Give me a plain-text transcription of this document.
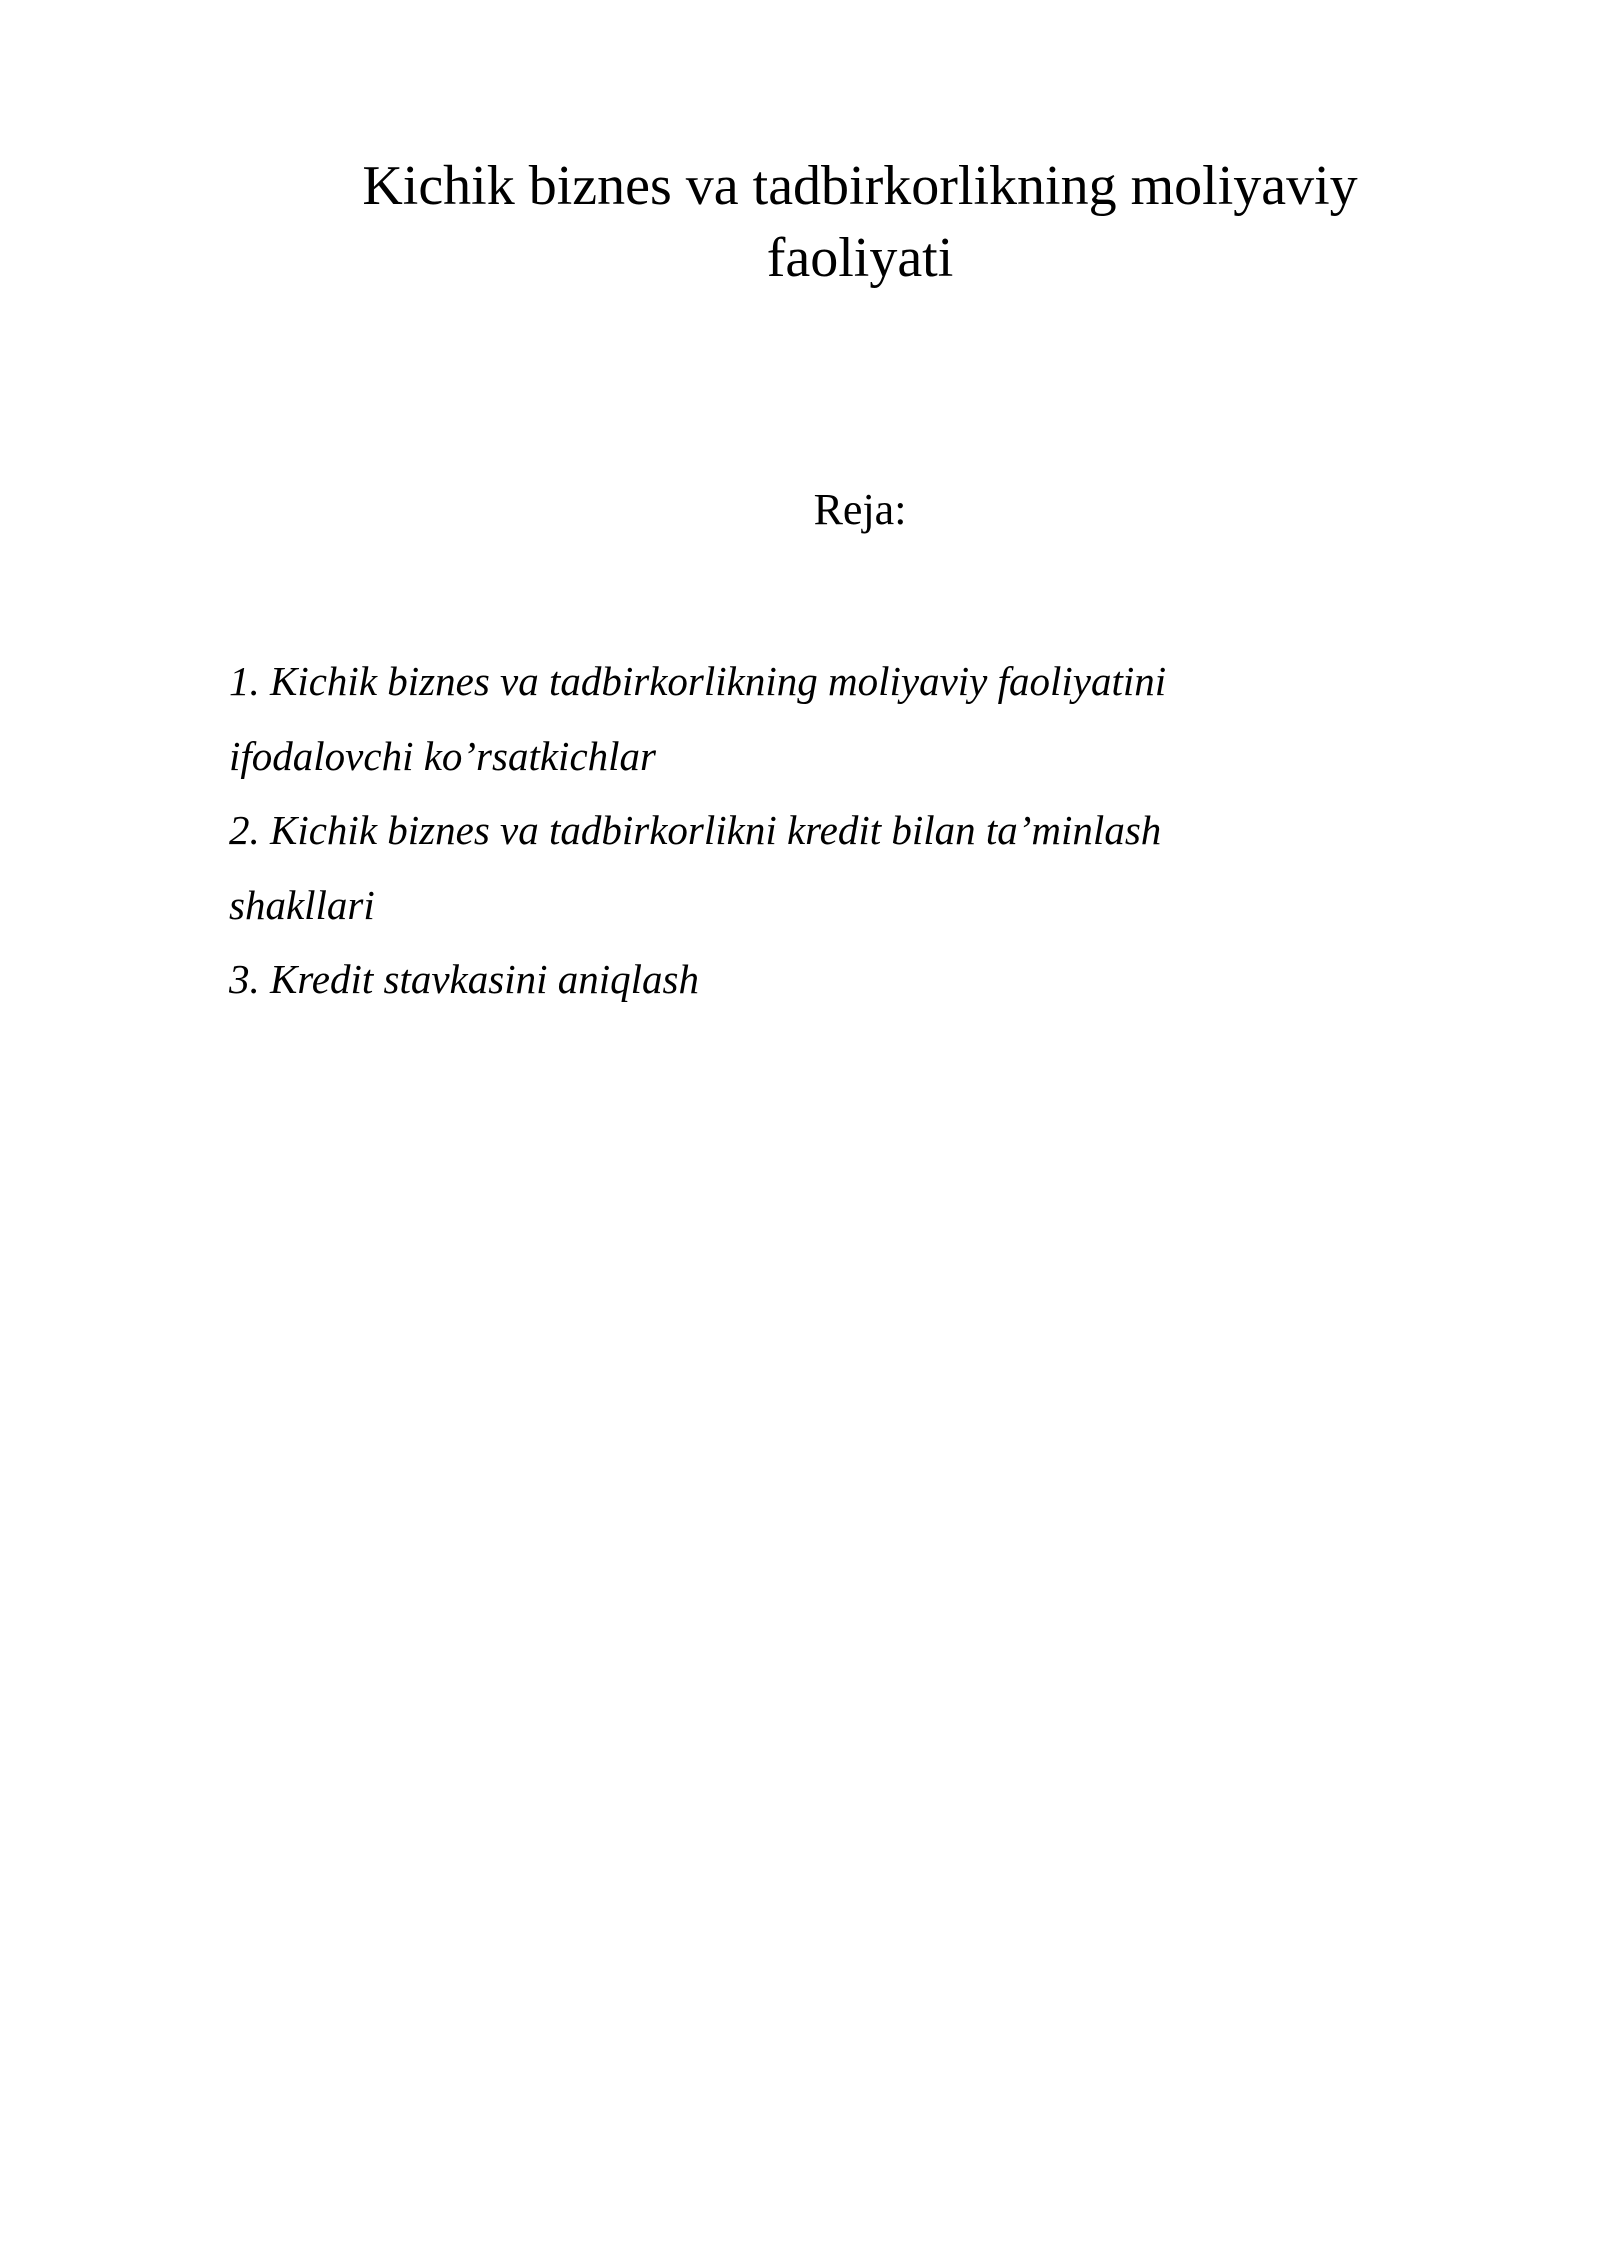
Kichik biznes va tadbirkorlikning moliyaviy faoliyati
Reja:
1. Kichik biznes va tadbirkorlikning moliyaviy faoliyatini ifodalovchi ko’rsatkichlar
2. Kichik biznes va tadbirkorlikni kredit bilan ta’minlash shakllari
3. Kredit stavkasini aniqlash
